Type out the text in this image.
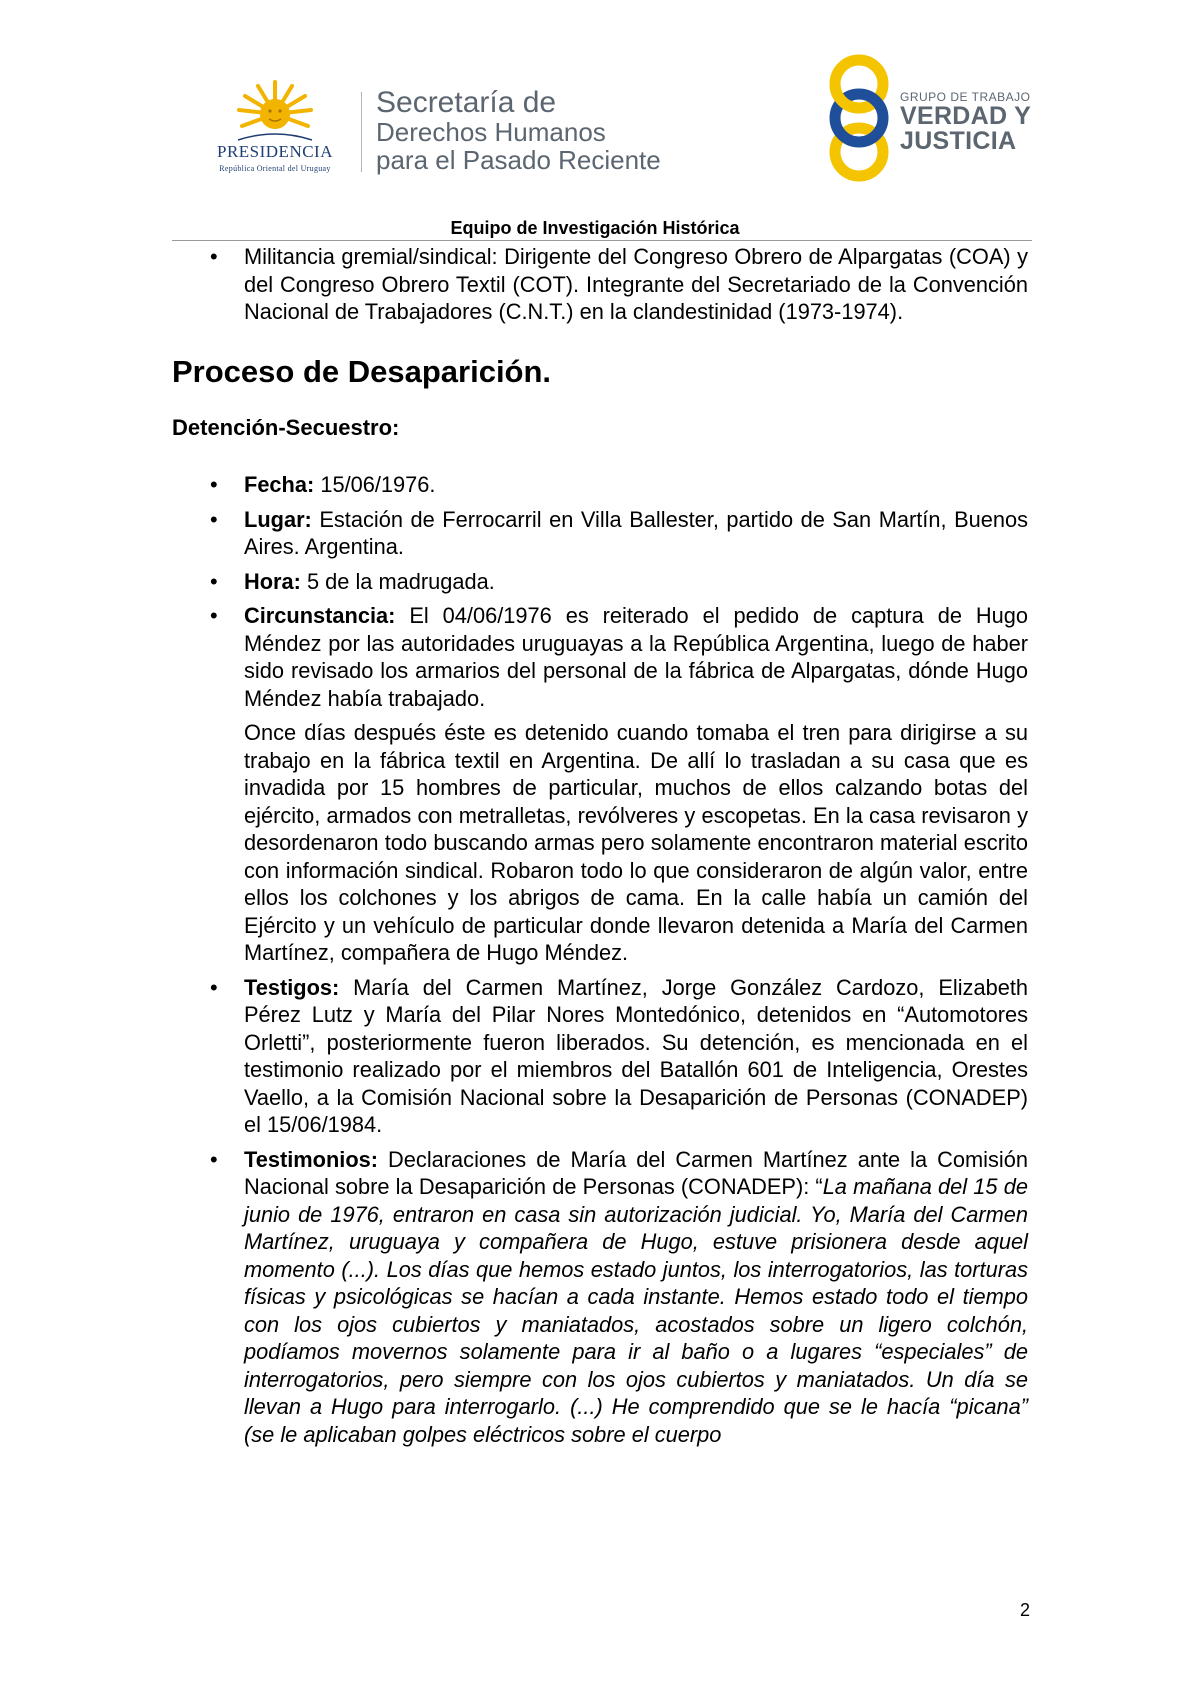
PRESIDENCIA
República Oriental del Uruguay
Secretaría de
Derechos Humanos
para el Pasado Reciente
GRUPO DE TRABAJO
VERDAD Y
JUSTICIA
Equipo de Investigación Histórica
• Militancia gremial/sindical: Dirigente del Congreso Obrero de Alpargatas (COA) y del Congreso Obrero Textil (COT). Integrante del Secretariado de la Convención Nacional de Trabajadores (C.N.T.) en la clandestinidad (1973-1974).
Proceso de Desaparición.
Detención-Secuestro:
• Fecha: 15/06/1976.
• Lugar: Estación de Ferrocarril en Villa Ballester, partido de San Martín, Buenos Aires. Argentina.
• Hora: 5 de la madrugada.
• Circunstancia: El 04/06/1976 es reiterado el pedido de captura de Hugo Méndez por las autoridades uruguayas a la República Argentina, luego de haber sido revisado los armarios del personal de la fábrica de Alpargatas, dónde Hugo Méndez había trabajado.
Once días después éste es detenido cuando tomaba el tren para dirigirse a su trabajo en la fábrica textil en Argentina. De allí lo trasladan a su casa que es invadida por 15 hombres de particular, muchos de ellos calzando botas del ejército, armados con metralletas, revólveres y escopetas. En la casa revisaron y desordenaron todo buscando armas pero solamente encontraron material escrito con información sindical. Robaron todo lo que consideraron de algún valor, entre ellos los colchones y los abrigos de cama. En la calle había un camión del Ejército y un vehículo de particular donde llevaron detenida a María del Carmen Martínez, compañera de Hugo Méndez.
• Testigos: María del Carmen Martínez, Jorge González Cardozo, Elizabeth Pérez Lutz y María del Pilar Nores Montedónico, detenidos en “Automotores Orletti”, posteriormente fueron liberados. Su detención, es mencionada en el testimonio realizado por el miembros del Batallón 601 de Inteligencia, Orestes Vaello, a la Comisión Nacional sobre la Desaparición de Personas (CONADEP) el 15/06/1984.
• Testimonios: Declaraciones de María del Carmen Martínez ante la Comisión Nacional sobre la Desaparición de Personas (CONADEP): “La mañana del 15 de junio de 1976, entraron en casa sin autorización judicial. Yo, María del Carmen Martínez, uruguaya y compañera de Hugo, estuve prisionera desde aquel momento (...). Los días que hemos estado juntos, los interrogatorios, las torturas físicas y psicológicas se hacían a cada instante. Hemos estado todo el tiempo con los ojos cubiertos y maniatados, acostados sobre un ligero colchón, podíamos movernos solamente para ir al baño o a lugares “especiales” de interrogatorios, pero siempre con los ojos cubiertos y maniatados. Un día se llevan a Hugo para interrogarlo. (...) He comprendido que se le hacía “picana” (se le aplicaban golpes eléctricos sobre el cuerpo
2
